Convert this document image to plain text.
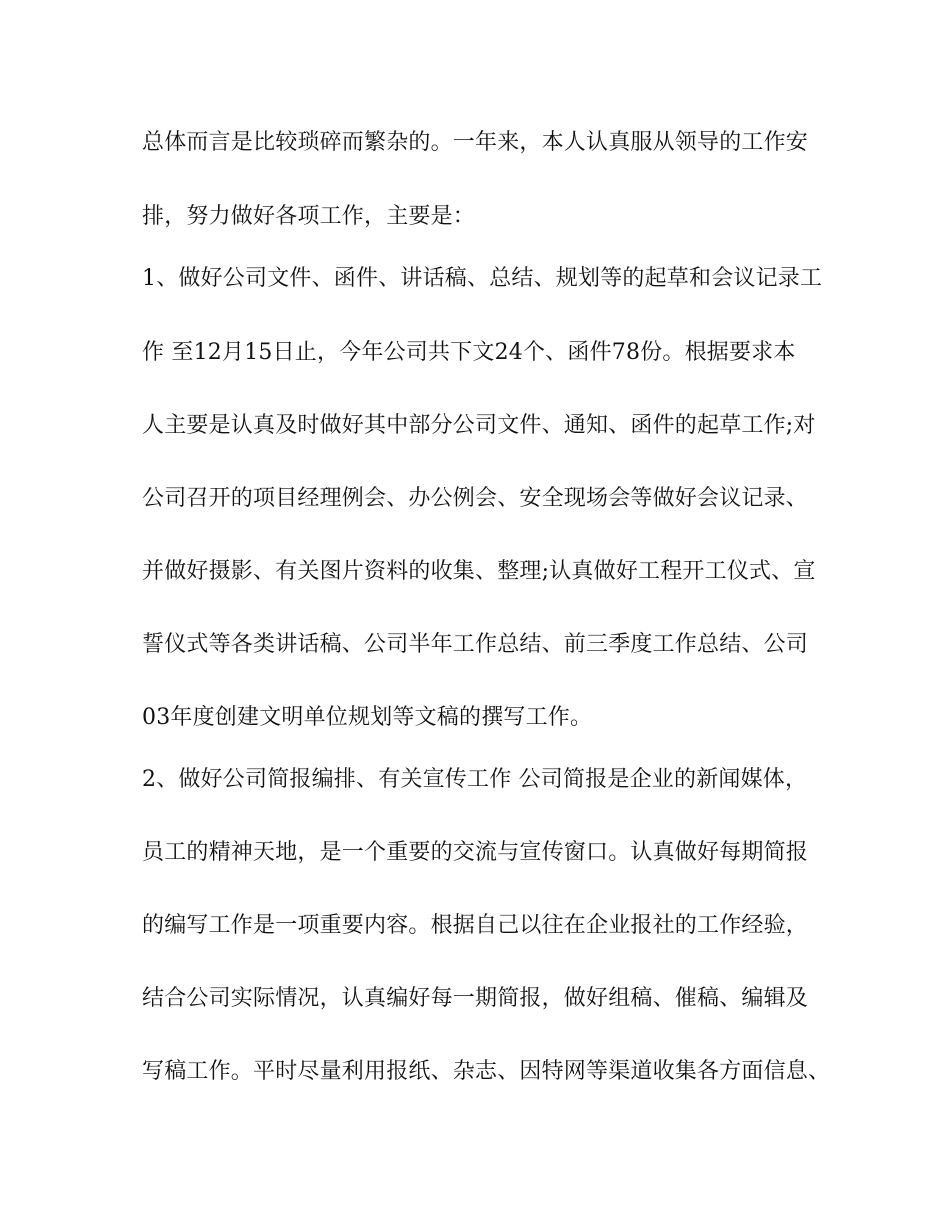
总体而言是比较琐碎而繁杂的。一年来，本人认真服从领导的工作安
排，努力做好各项工作，主要是：
1、做好公司文件、函件、讲话稿、总结、规划等的起草和会议记录工
作 至12月15日止，今年公司共下文24个、函件78份。根据要求本
人主要是认真及时做好其中部分公司文件、通知、函件的起草工作;对
公司召开的项目经理例会、办公例会、安全现场会等做好会议记录、
并做好摄影、有关图片资料的收集、整理;认真做好工程开工仪式、宣
誓仪式等各类讲话稿、公司半年工作总结、前三季度工作总结、公司
03年度创建文明单位规划等文稿的撰写工作。
2、做好公司简报编排、有关宣传工作 公司简报是企业的新闻媒体，
员工的精神天地，是一个重要的交流与宣传窗口。认真做好每期简报
的编写工作是一项重要内容。根据自己以往在企业报社的工作经验，
结合公司实际情况，认真编好每一期简报，做好组稿、催稿、编辑及
写稿工作。平时尽量利用报纸、杂志、因特网等渠道收集各方面信息、
